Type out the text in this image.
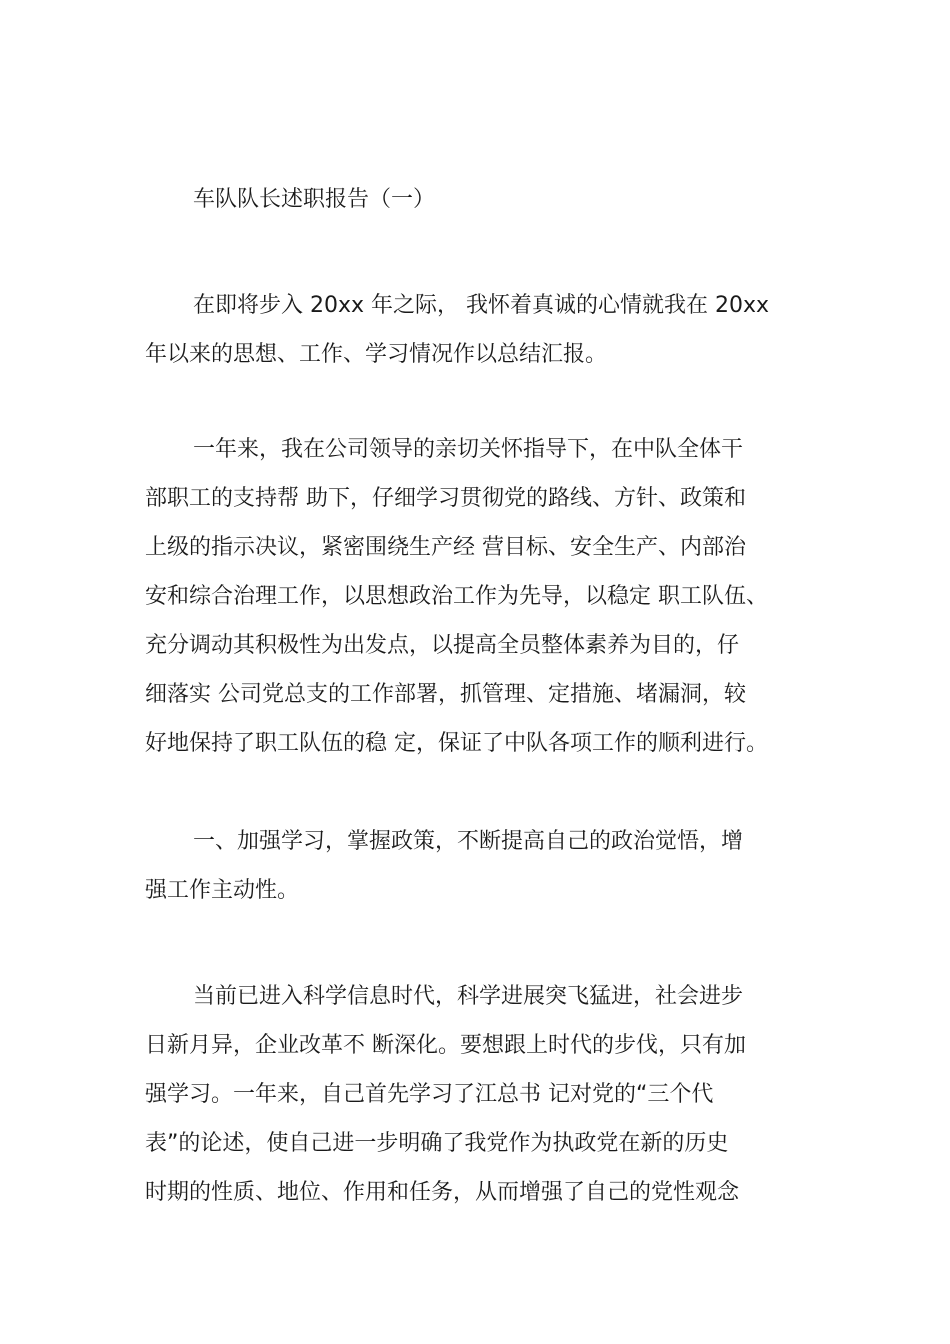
车队队长述职报告（一）
在即将步入 20xx 年之际， 我怀着真诚的心情就我在 20xx
年以来的思想、工作、学习情况作以总结汇报。
一年来，我在公司领导的亲切关怀指导下，在中队全体干
部职工的支持帮 助下，仔细学习贯彻党的路线、方针、政策和
上级的指示决议，紧密围绕生产经 营目标、安全生产、内部治
安和综合治理工作，以思想政治工作为先导，以稳定 职工队伍、
充分调动其积极性为出发点，以提高全员整体素养为目的，仔
细落实 公司党总支的工作部署，抓管理、定措施、堵漏洞，较
好地保持了职工队伍的稳 定，保证了中队各项工作的顺利进行。
一、加强学习，掌握政策，不断提高自己的政治觉悟，增
强工作主动性。
当前已进入科学信息时代，科学进展突飞猛进，社会进步
日新月异，企业改革不 断深化。要想跟上时代的步伐，只有加
强学习。一年来，自己首先学习了江总书 记对党的“三个代
表”的论述，使自己进一步明确了我党作为执政党在新的历史
时期的性质、地位、作用和任务，从而增强了自己的党性观念
